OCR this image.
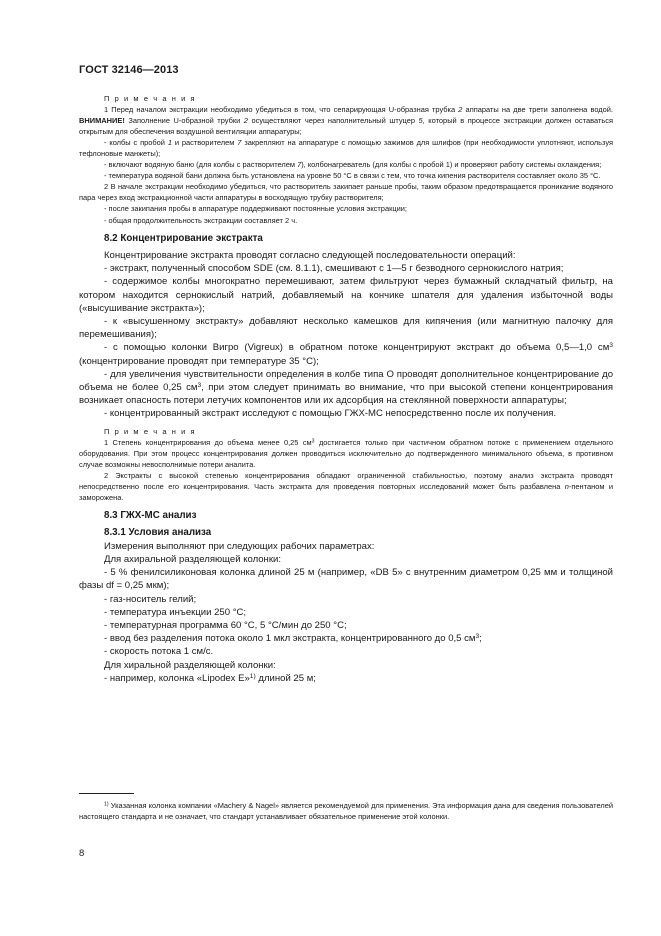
ГОСТ 32146—2013

П р и м е ч а н и я

1 Перед началом экстракции необходимо убедиться в том, что сепарирующая U-образная трубка 2 аппараты на две трети заполнена водой. ВНИМАНИЕ! Заполнение U-образной трубки 2 осуществляют через наполнительный штуцер 5, который в процессе экстракции должен оставаться открытым для обеспечения воздушной вентиляции аппаратуры;

- колбы с пробой 1 и растворителем 7 закрепляют на аппаратуре с помощью зажимов для шлифов (при необходимости уплотняют, используя тефлоновые манжеты);

- включают водяную баню (для колбы с растворителем 7), колбонагреватель (для колбы с пробой 1) и проверяют работу системы охлаждения;

- температура водяной бани должна быть установлена на уровне 50 °С в связи с тем, что точка кипения растворителя составляет около 35 °С.

2 В начале экстракции необходимо убедиться, что растворитель закипает раньше пробы, таким образом предотвращается проникание водяного пара через вход экстракционной части аппаратуры в восходящую трубку растворителя;

- после закипания пробы в аппаратуре поддерживают постоянные условия экстракции;

- общая продолжительность экстракции составляет 2 ч.

8.2 Концентрирование экстракта

Концентрирование экстракта проводят согласно следующей последовательности операций:

- экстракт, полученный способом SDE (см. 8.1.1), смешивают с 1—5 г безводного сернокислого натрия;

- содержимое колбы многократно перемешивают, затем фильтруют через бумажный складчатый фильтр, на котором находится сернокислый натрий, добавляемый на кончике шпателя для удаления избыточной воды («высушивание экстракта»);

- к «высушенному экстракту» добавляют несколько камешков для кипячения (или магнитную палочку для перемешивания);

- с помощью колонки Вигро (Vigreux) в обратном потоке концентрируют экстракт до объема 0,5—1,0 $см^3$ (концентрирование проводят при температуре 35 °С);

- для увеличения чувствительности определения в колбе типа О проводят дополнительное концентрирование до объема не более 0,25 $см^3$, при этом следует принимать во внимание, что при высокой степени концентрирования возникает опасность потери летучих компонентов или их адсорбция на стеклянной поверхности аппаратуры;

- концентрированный экстракт исследуют с помощью ГЖХ-МС непосредственно после их получения.

П р и м е ч а н и я

1 Степень концентрирования до объема менее 0,25 $см^3$ достигается только при частичном обратном потоке с применением отдельного оборудования. При этом процесс концентрирования должен проводиться исключительно до подтвержденного минимального объема, в противном случае возможны невосполнимые потери аналита.

2 Экстракты с высокой степенью концентрирования обладают ограниченной стабильностью, поэтому анализ экстракта проводят непосредственно после его концентрирования. Часть экстракта для проведения повторных исследований может быть разбавлена n-пентаном и заморожена.

8.3 ГЖХ-МС анализ

8.3.1 Условия анализа

Измерения выполняют при следующих рабочих параметрах:

Для ахиральной разделяющей колонки:

- 5 % фенилсиликоновая колонка длиной 25 м (например, «DB 5» с внутренним диаметром 0,25 мм и толщиной фазы df = 0,25 мкм);

- газ-носитель гелий;

- температура инъекции 250 °С;

- температурная программа 60 °С, 5 °С/мин до 250 °С;

- ввод без разделения потока около 1 мкл экстракта, концентрированного до 0,5 $см^3$;

- скорость потока 1 см/с.

Для хиральной разделяющей колонки:

- например, колонка «Lipodex E»$^{1)}$ длиной 25 м;

$^{1)}$ Указанная колонка компании «Machery & Nagel» является рекомендуемой для применения. Эта информация дана для сведения пользователей настоящего стандарта и не означает, что стандарт устанавливает обязательное применение этой колонки.

8
